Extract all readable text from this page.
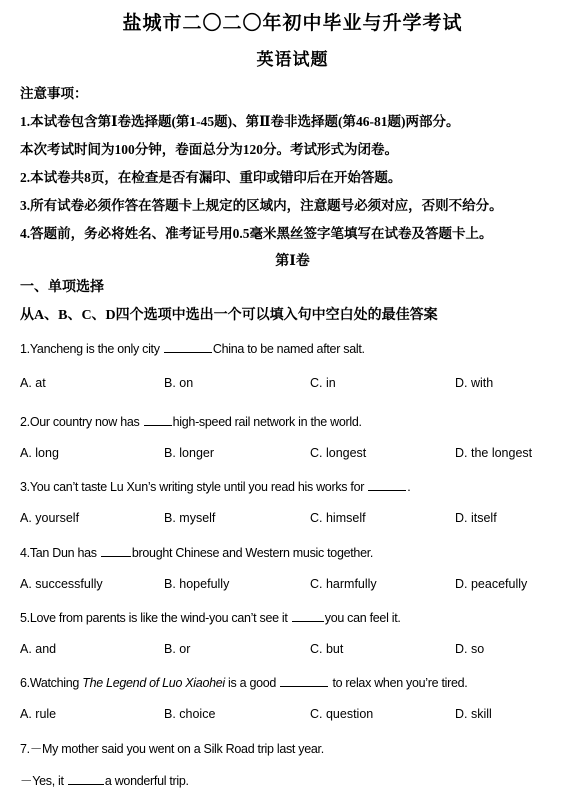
盐城市二〇二〇年初中毕业与升学考试
英语试题
注意事项：
1.本试卷包含第Ⅰ卷选择题(第1-45题)、第Ⅱ卷非选择题(第46-81题)两部分。
本次考试时间为100分钟，卷面总分为120分。考试形式为闭卷。
2.本试卷共8页，在检查是否有漏印、重印或错印后在开始答题。
3.所有试卷必须作答在答题卡上规定的区域内，注意题号必须对应，否则不给分。
4.答题前，务必将姓名、准考证号用0.5毫米黑丝签字笔填写在试卷及答题卡上。
第Ⅰ卷
一、单项选择
从A、B、C、D四个选项中选出一个可以填入句中空白处的最佳答案
1.Yancheng is the only city	China to be named after salt.
A. at	B. on	C. in	D. with
2.Our country now has high-speed rail network in the world.
A. long	B. longer	C. longest	D. the longest
3.You can’t taste Lu Xun’s writing style until you read his works for	.
A. yourself	B. myself	C. himself	D. itself
4.Tan Dun has	brought Chinese and Western music together.
A. successfully	B. hopefully	C. harmfully	D. peacefully
5.Love from parents is like the wind-you can’t see it	you can feel it.
A. and	B. or	C. but	D. so
6.Watching The Legend of Luo Xiaohei is a good	to relax when you’re tired.
A. rule	B. choice	C. question	D. skill
7.－My mother said you went on a Silk Road trip last year.
－Yes, it	a wonderful trip.
